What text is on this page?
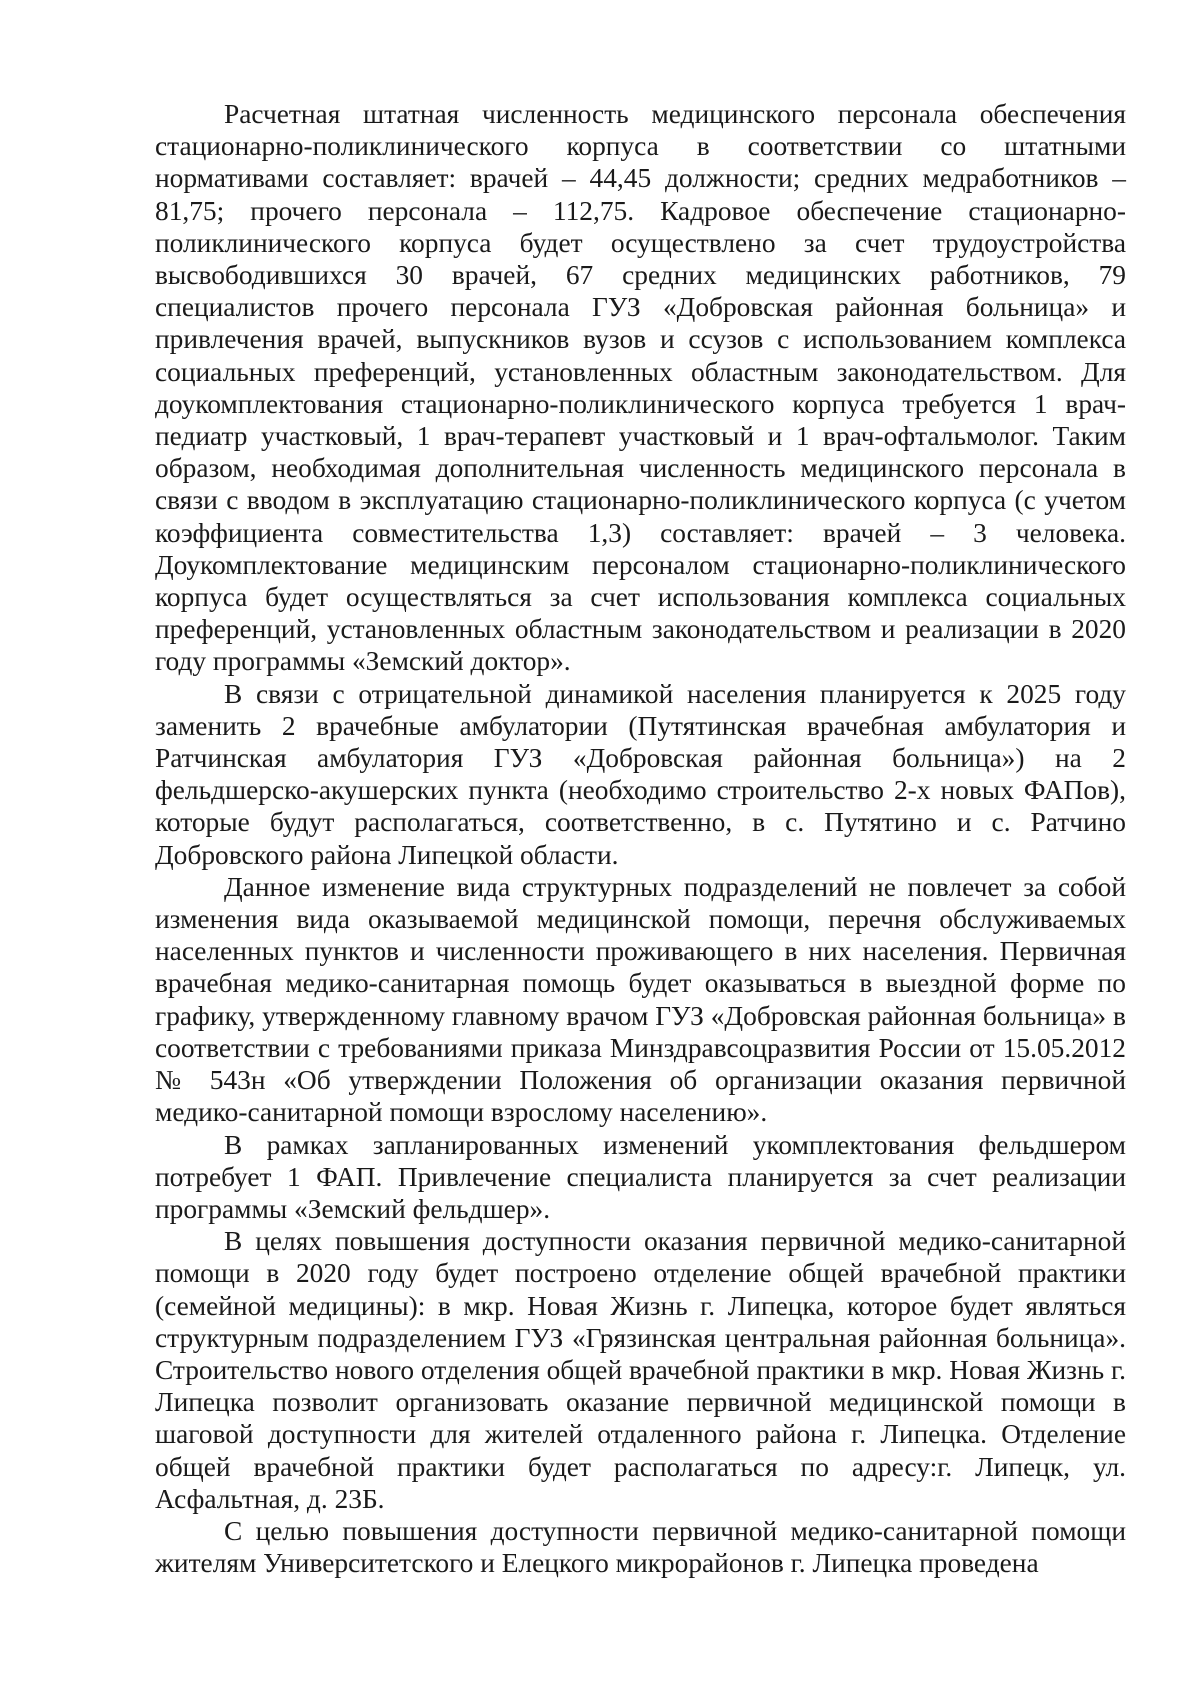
Расчетная штатная численность медицинского персонала обеспечения стационарно-поликлинического корпуса в соответствии со штатными нормативами составляет: врачей – 44,45 должности; средних медработников – 81,75; прочего персонала – 112,75. Кадровое обеспечение стационарно-поликлинического корпуса будет осуществлено за счет трудоустройства высвободившихся 30 врачей, 67 средних медицинских работников, 79 специалистов прочего персонала ГУЗ «Добровская районная больница» и привлечения врачей, выпускников вузов и ссузов с использованием комплекса социальных преференций, установленных областным законодательством. Для доукомплектования стационарно-поликлинического корпуса требуется 1 врач-педиатр участковый, 1 врач-терапевт участковый и 1 врач-офтальмолог. Таким образом, необходимая дополнительная численность медицинского персонала в связи с вводом в эксплуатацию стационарно-поликлинического корпуса (с учетом коэффициента совместительства 1,3) составляет: врачей – 3 человека. Доукомплектование медицинским персоналом стационарно-поликлинического корпуса будет осуществляться за счет использования комплекса социальных преференций, установленных областным законодательством и реализации в 2020 году программы «Земский доктор».

В связи с отрицательной динамикой населения планируется к 2025 году заменить 2 врачебные амбулатории (Путятинская врачебная амбулатория и Ратчинская амбулатория ГУЗ «Добровская районная больница») на 2 фельдшерско-акушерских пункта (необходимо строительство 2-х новых ФАПов), которые будут располагаться, соответственно, в с. Путятино и с. Ратчино Добровского района Липецкой области.

Данное изменение вида структурных подразделений не повлечет за собой изменения вида оказываемой медицинской помощи, перечня обслуживаемых населенных пунктов и численности проживающего в них населения. Первичная врачебная медико-санитарная помощь будет оказываться в выездной форме по графику, утвержденному главному врачом ГУЗ «Добровская районная больница» в соответствии с требованиями приказа Минздравсоцразвития России от 15.05.2012 № 543н «Об утверждении Положения об организации оказания первичной медико-санитарной помощи взрослому населению».

В рамках запланированных изменений укомплектования фельдшером потребует 1 ФАП. Привлечение специалиста планируется за счет реализации программы «Земский фельдшер».

В целях повышения доступности оказания первичной медико-санитарной помощи в 2020 году будет построено отделение общей врачебной практики (семейной медицины): в мкр. Новая Жизнь г. Липецка, которое будет являться структурным подразделением ГУЗ «Грязинская центральная районная больница». Строительство нового отделения общей врачебной практики в мкр. Новая Жизнь г. Липецка позволит организовать оказание первичной медицинской помощи в шаговой доступности для жителей отдаленного района г. Липецка. Отделение общей врачебной практики будет располагаться по адресу:г. Липецк, ул. Асфальтная, д. 23Б.

С целью повышения доступности первичной медико-санитарной помощи жителям Университетского и Елецкого микрорайонов г. Липецка проведена
